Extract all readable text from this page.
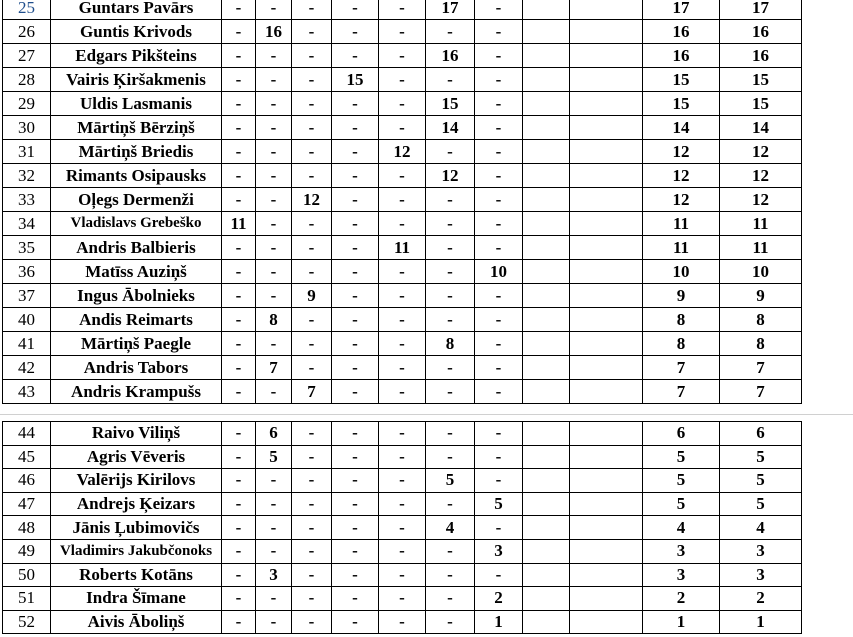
25	Guntars Pavārs	-	-	-	-	-	17	-			17	17
26	Guntis Krivods	-	16	-	-	-	-	-			16	16
27	Edgars Pikšteins	-	-	-	-	-	16	-			16	16
28	Vairis Ķiršakmenis	-	-	-	15	-	-	-			15	15
29	Uldis Lasmanis	-	-	-	-	-	15	-			15	15
30	Mārtiņš Bērziņš	-	-	-	-	-	14	-			14	14
31	Mārtiņš Briedis	-	-	-	-	12	-	-			12	12
32	Rimants Osipausks	-	-	-	-	-	12	-			12	12
33	Oļegs Dermenži	-	-	12	-	-	-	-			12	12
34	Vladislavs Grebeško	11	-	-	-	-	-	-			11	11
35	Andris Balbieris	-	-	-	-	11	-	-			11	11
36	Matīss Auziņš	-	-	-	-	-	-	10			10	10
37	Ingus Ābolnieks	-	-	9	-	-	-	-			9	9
40	Andis Reimarts	-	8	-	-	-	-	-			8	8
41	Mārtiņš Paegle	-	-	-	-	-	8	-			8	8
42	Andris Tabors	-	7	-	-	-	-	-			7	7
43	Andris Krampušs	-	-	7	-	-	-	-			7	7
44	Raivo Viliņš	-	6	-	-	-	-	-			6	6
45	Agris Vēveris	-	5	-	-	-	-	-			5	5
46	Valērijs Kirilovs	-	-	-	-	-	5	-			5	5
47	Andrejs Ķeizars	-	-	-	-	-	-	5			5	5
48	Jānis Ļubimovičs	-	-	-	-	-	4	-			4	4
49	Vladimirs Jakubčonoks	-	-	-	-	-	-	3			3	3
50	Roberts Kotāns	-	3	-	-	-	-	-			3	3
51	Indra Šīmane	-	-	-	-	-	-	2			2	2
52	Aivis Āboliņš	-	-	-	-	-	-	1			1	1
